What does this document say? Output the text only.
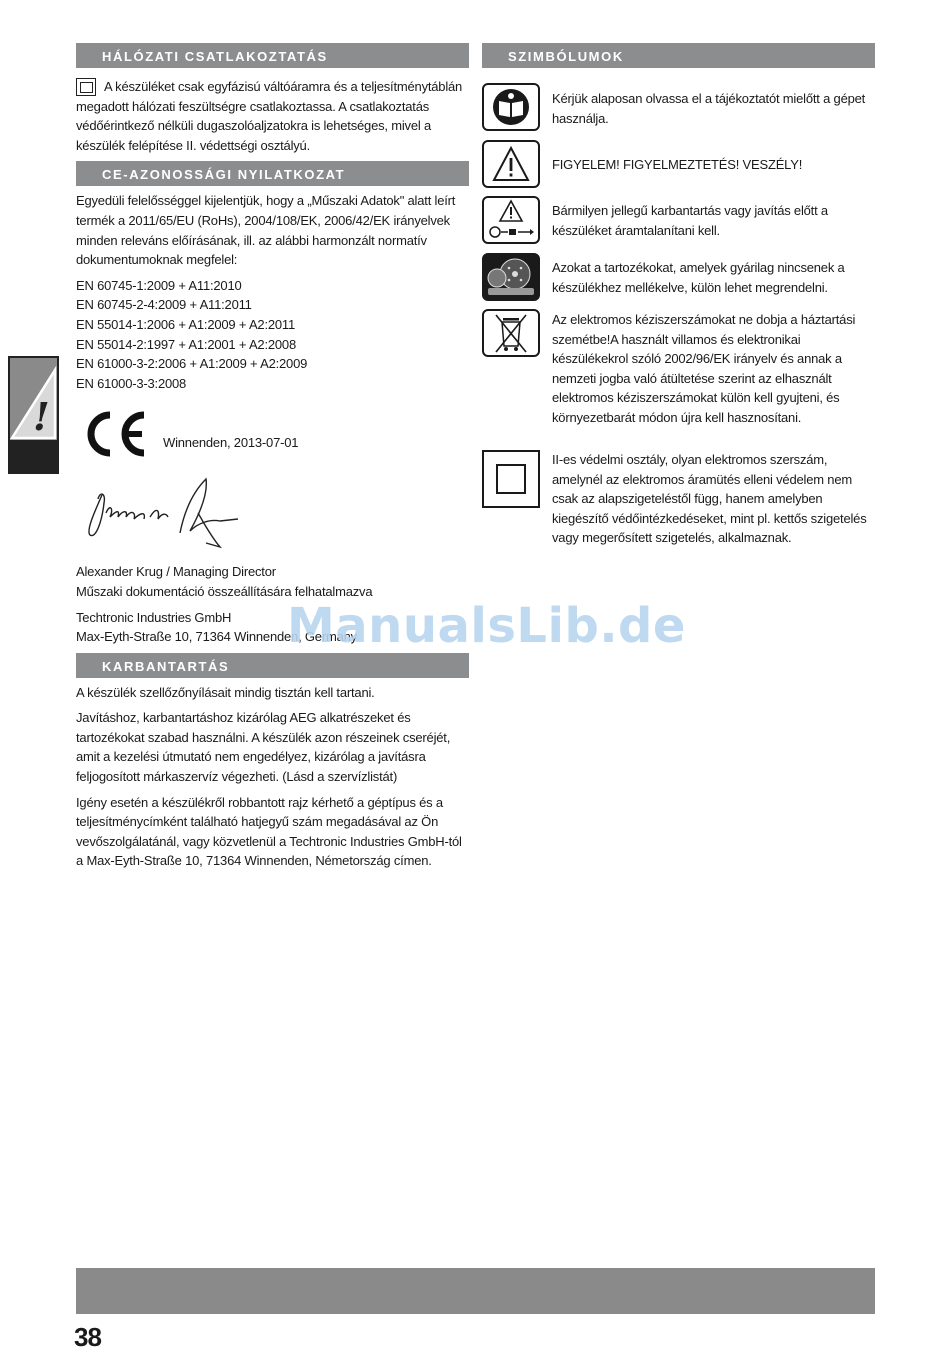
!
HÁLÓZATI CSATLAKOZTATÁS

A készüléket csak egyfázisú váltóáramra és a teljesítménytáblán megadott hálózati feszültségre csatlakoztassa. A csatlakoztatás védőérintkező nélküli dugaszolóaljzatokra is lehetséges, mivel a készülék felépítése II. védettségi osztályú.

CE-AZONOSSÁGI NYILATKOZAT

Egyedüli felelősséggel kijelentjük, hogy a „Műszaki Adatok" alatt leírt termék a 2011/65/EU (RoHs), 2004/108/EK, 2006/42/EK irányelvek minden releváns előírásának, ill. az alábbi harmonzált normatív dokumentumoknak megfelel:

EN 60745-1:2009 + A11:2010

EN 60745-2-4:2009 + A11:2011

EN 55014-1:2006 + A1:2009 + A2:2011

EN 55014-2:1997 + A1:2001 + A2:2008

EN 61000-3-2:2006 + A1:2009 + A2:2009

EN 61000-3-3:2008

Winnenden, 2013-07-01

Alexander Krug / Managing Director

Műszaki dokumentáció összeállítására felhatalmazva

Techtronic Industries GmbH

Max-Eyth-Straße 10, 71364 Winnenden, Germany

KARBANTARTÁS

A készülék szellőzőnyílásait mindig tisztán kell tartani.

Javításhoz, karbantartáshoz kizárólag AEG alkatrészeket és tartozékokat szabad használni. A készülék azon részeinek cseréjét, amit a kezelési útmutató nem engedélyez, kizárólag a javításra feljogosított márkaszervíz végezheti. (Lásd a szervízlistát)

Igény esetén a készülékről robbantott rajz kérhető a géptípus és a teljesítménycímként található hatjegyű szám megadásával az Ön vevőszolgálatánál, vagy közvetlenül a Techtronic Industries GmbH-tól a Max-Eyth-Straße 10, 71364 Winnenden, Németország címen.

SZIMBÓLUMOK
Kérjük alaposan olvassa el a tájékoztatót mielőtt a gépet használja.
FIGYELEM! FIGYELMEZTETÉS! VESZÉLY!
Bármilyen jellegű karbantartás vagy javítás előtt a készüléket áramtalanítani kell.
Azokat a tartozékokat, amelyek gyárilag nincsenek a készülékhez mellékelve, külön lehet megrendelni.
Az elektromos kéziszerszámokat ne dobja a háztartási szemétbe!A használt villamos és elektronikai készülékekrol szóló 2002/96/EK irányelv és annak a nemzeti jogba való átültetése szerint az elhasznált elektromos kéziszerszámokat külön kell gyujteni, és környezetbarát módon újra kell hasznosítani.
II-es védelmi osztály, olyan elektromos szerszám, amelynél az elektromos áramütés elleni védelem nem csak az alapszigeteléstől függ, hanem amelyben kiegészítő védőintézkedéseket, mint pl. kettős szigetelés vagy megerősített szigetelés, alkalmaznak.
ManualsLib.de
38
